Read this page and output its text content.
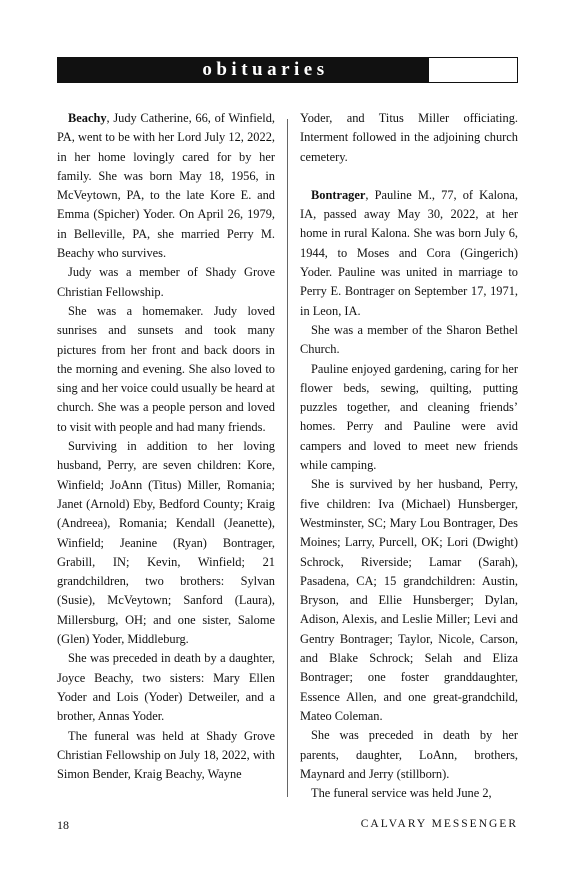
obituaries

Beachy, Judy Catherine, 66, of Winfield, PA, went to be with her Lord July 12, 2022, in her home lovingly cared for by her family. She was born May 18, 1956, in McVeytown, PA, to the late Kore E. and Emma (Spicher) Yoder. On April 26, 1979, in Belleville, PA, she married Perry M. Beachy who survives.

Judy was a member of Shady Grove Christian Fellowship.

She was a homemaker. Judy loved sunrises and sunsets and took many pictures from her front and back doors in the morning and evening. She also loved to sing and her voice could usually be heard at church. She was a people person and loved to visit with people and had many friends.

Surviving in addition to her loving husband, Perry, are seven children: Kore, Winfield; JoAnn (Titus) Miller, Romania; Janet (Arnold) Eby, Bedford County; Kraig (Andreea), Romania; Kendall (Jeanette), Winfield; Jeanine (Ryan) Bontrager, Grabill, IN; Kevin, Winfield; 21 grandchildren, two brothers: Sylvan (Susie), McVeytown; Sanford (Laura), Millersburg, OH; and one sister, Salome (Glen) Yoder, Middleburg.

She was preceded in death by a daughter, Joyce Beachy, two sisters: Mary Ellen Yoder and Lois (Yoder) Detweiler, and a brother, Annas Yoder.

The funeral was held at Shady Grove Christian Fellowship on July 18, 2022, with Simon Bender, Kraig Beachy, Wayne

Yoder, and Titus Miller officiating. Interment followed in the adjoining church cemetery.

Bontrager, Pauline M., 77, of Kalona, IA, passed away May 30, 2022, at her home in rural Kalona. She was born July 6, 1944, to Moses and Cora (Gingerich) Yoder. Pauline was united in marriage to Perry E. Bontrager on September 17, 1971, in Leon, IA.

She was a member of the Sharon Bethel Church.

Pauline enjoyed gardening, caring for her flower beds, sewing, quilting, putting puzzles together, and cleaning friends’ homes. Perry and Pauline were avid campers and loved to meet new friends while camping.

She is survived by her husband, Perry, five children: Iva (Michael) Hunsberger, Westminster, SC; Mary Lou Bontrager, Des Moines; Larry, Purcell, OK; Lori (Dwight) Schrock, Riverside; Lamar (Sarah), Pasadena, CA; 15 grandchildren: Austin, Bryson, and Ellie Hunsberger; Dylan, Adison, Alexis, and Leslie Miller; Levi and Gentry Bontrager; Taylor, Nicole, Carson, and Blake Schrock; Selah and Eliza Bontrager; one foster granddaughter, Essence Allen, and one great-grandchild, Mateo Coleman.

She was preceded in death by her parents, daughter, LoAnn, brothers, Maynard and Jerry (stillborn).

The funeral service was held June 2,

18	CALVARY MESSENGER
